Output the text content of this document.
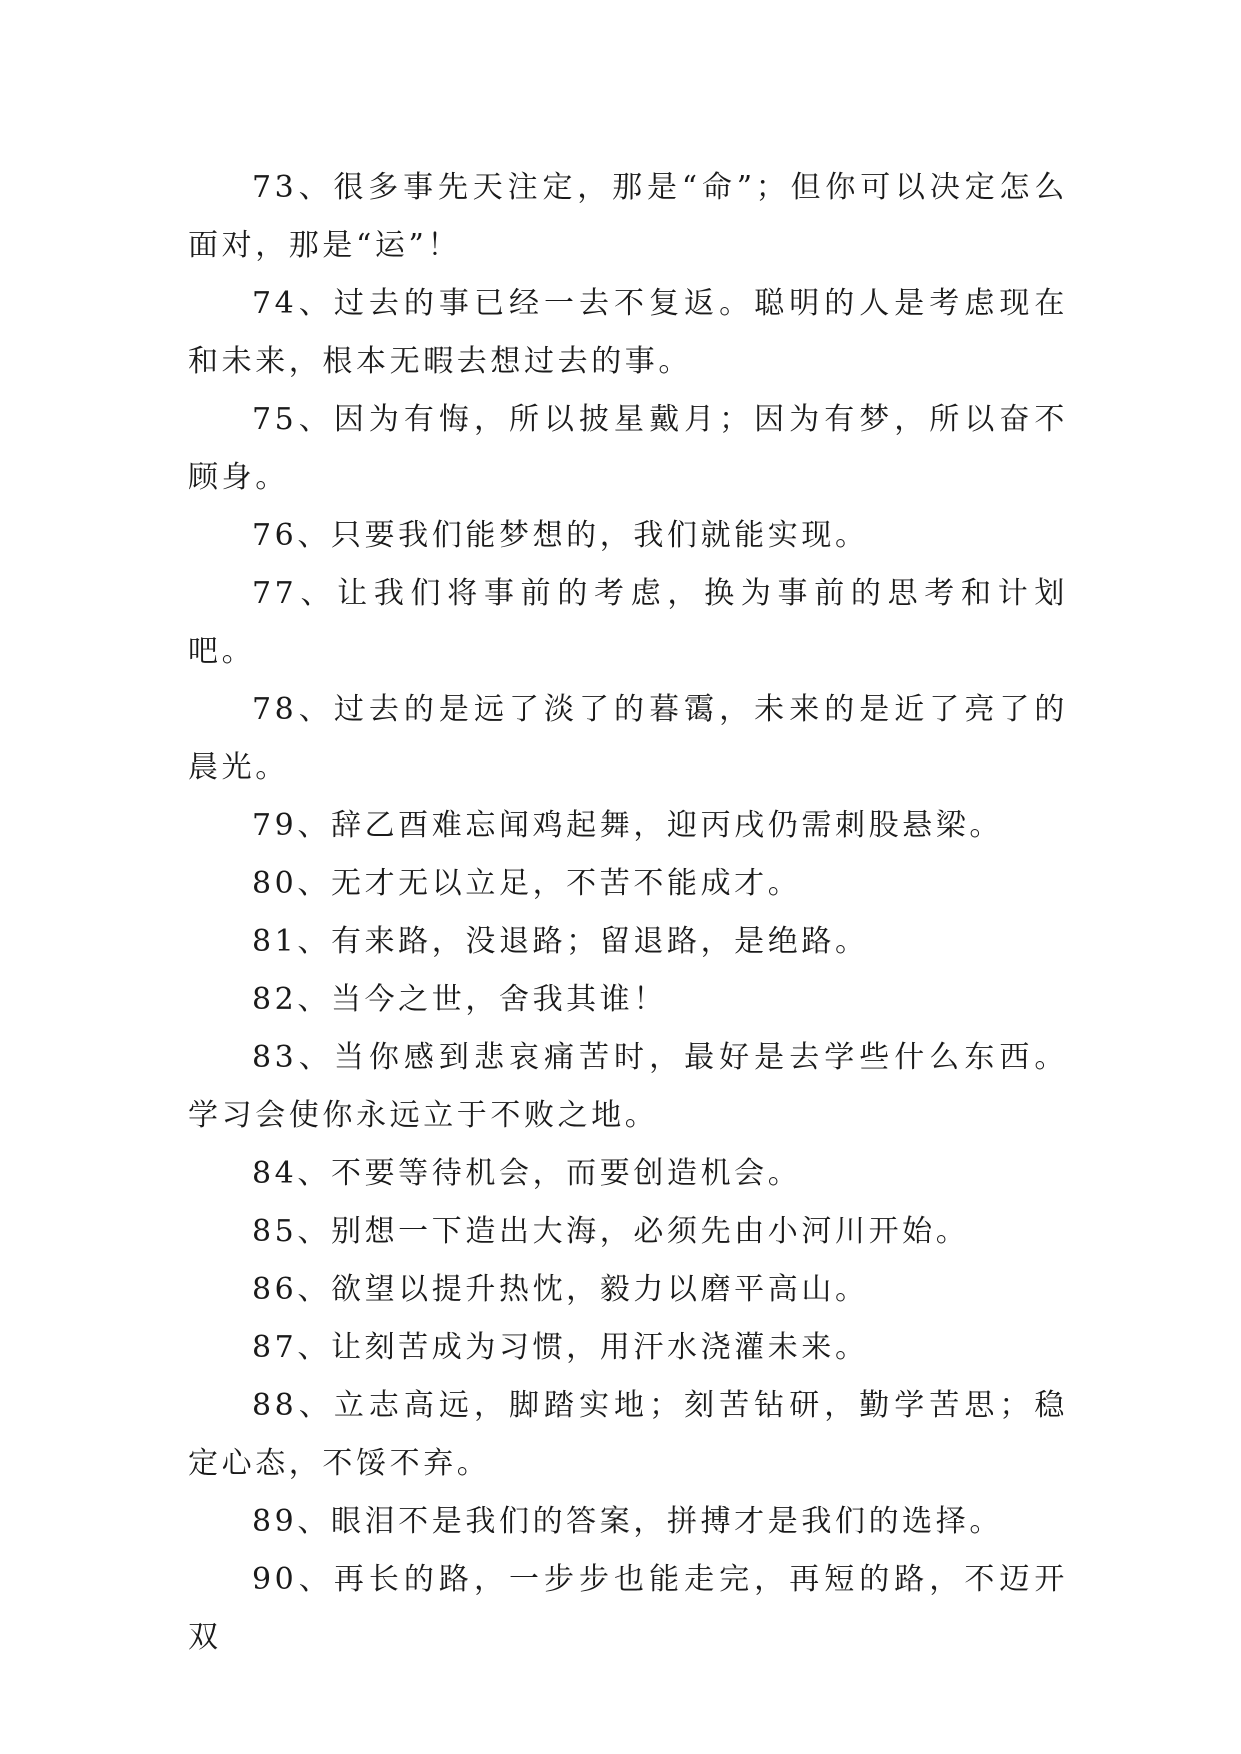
73、很多事先天注定，那是“命”；但你可以决定怎么面对，那是“运”！

74、过去的事已经一去不复返。聪明的人是考虑现在和未来，根本无暇去想过去的事。

75、因为有悔，所以披星戴月；因为有梦，所以奋不顾身。

76、只要我们能梦想的，我们就能实现。

77、让我们将事前的考虑，换为事前的思考和计划吧。

78、过去的是远了淡了的暮霭，未来的是近了亮了的晨光。

79、辞乙酉难忘闻鸡起舞，迎丙戌仍需刺股悬梁。

80、无才无以立足，不苦不能成才。

81、有来路，没退路；留退路，是绝路。

82、当今之世，舍我其谁！

83、当你感到悲哀痛苦时，最好是去学些什么东西。学习会使你永远立于不败之地。

84、不要等待机会，而要创造机会。

85、别想一下造出大海，必须先由小河川开始。

86、欲望以提升热忱，毅力以磨平高山。

87、让刻苦成为习惯，用汗水浇灌未来。

88、立志高远，脚踏实地；刻苦钻研，勤学苦思；稳定心态，不馁不弃。

89、眼泪不是我们的答案，拼搏才是我们的选择。

90、再长的路，一步步也能走完，再短的路，不迈开双
